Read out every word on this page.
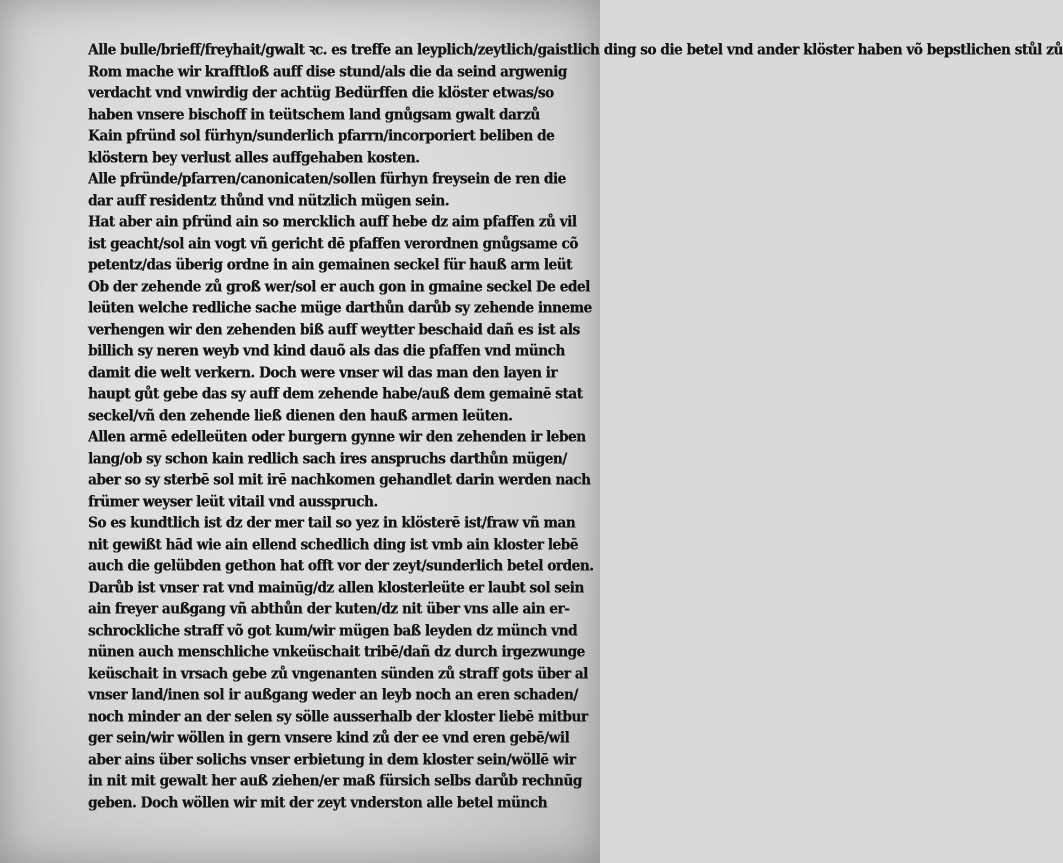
Alle bulle/brieff/freyhait/gwalt ꝛc. es treffe an leyplich/zeytlich/gaistlich ding so die betel vnd ander klöster haben võ bepstlichen stůl zů
Rom mache wir krafftloß auff dise stund/als die da seind argwenig
verdacht vnd vnwirdig der achtüg Bedürffen die klöster etwas/so
haben vnsere bischoff in teütschem land gnůgsam gwalt darzů
Kain pfründ sol fürhyn/sunderlich pfarrn/incorporiert beliben de
klöstern bey verlust alles auffgehaben kosten.
Alle pfründe/pfarren/canonicaten/sollen fürhyn freysein de ren die
dar auff residentz thůnd vnd nützlich mügen sein.
Hat aber ain pfründ ain so mercklich auff hebe dz aim pfaffen zů vil
ist geacht/sol ain vogt vñ gericht dē pfaffen verordnen gnůgsame cõ
petentz/das überig ordne in ain gemainen seckel für hauß arm leüt
Ob der zehende zů groß wer/sol er auch gon in gmaine seckel De edel
leüten welche redliche sache müge darthůn darůb sy zehende inneme
verhengen wir den zehenden biß auff weytter beschaid dañ es ist als
billich sy neren weyb vnd kind dauõ als das die pfaffen vnd münch
damit die welt verkern. Doch were vnser wil das man den layen ir
haupt gůt gebe das sy auff dem zehende habe/auß dem gemainē stat
seckel/vñ den zehende ließ dienen den hauß armen leüten.
Allen armē edelleüten oder burgern gynne wir den zehenden ir leben
lang/ob sy schon kain redlich sach ires anspruchs darthůn mügen/
aber so sy sterbē sol mit irē nachkomen gehandlet darin werden nach
frümer weyser leüt vitail vnd ausspruch.
So es kundtlich ist dz der mer tail so yez in klösterē ist/fraw vñ man
nit gewißt hād wie ain ellend schedlich ding ist vmb ain kloster lebē
auch die gelübden gethon hat offt vor der zeyt/sunderlich betel orden.
Darůb ist vnser rat vnd mainūg/dz allen klosterleüte er laubt sol sein
ain freyer außgang vñ abthůn der kuten/dz nit über vns alle ain er-
schrockliche straff võ got kum/wir mügen baß leyden dz münch vnd
nünen auch menschliche vnkeüschait tribē/dañ dz durch irgezwunge
keüschait in vrsach gebe zů vngenanten sünden zů straff gots über al
vnser land/inen sol ir außgang weder an leyb noch an eren schaden/
noch minder an der selen sy sölle ausserhalb der kloster liebē mitbur
ger sein/wir wöllen in gern vnsere kind zů der ee vnd eren gebē/wil
aber ains über solichs vnser erbietung in dem kloster sein/wöllē wir
in nit mit gewalt her auß ziehen/er maß fürsich selbs darůb rechnūg
geben. Doch wöllen wir mit der zeyt vnderston alle betel münch
